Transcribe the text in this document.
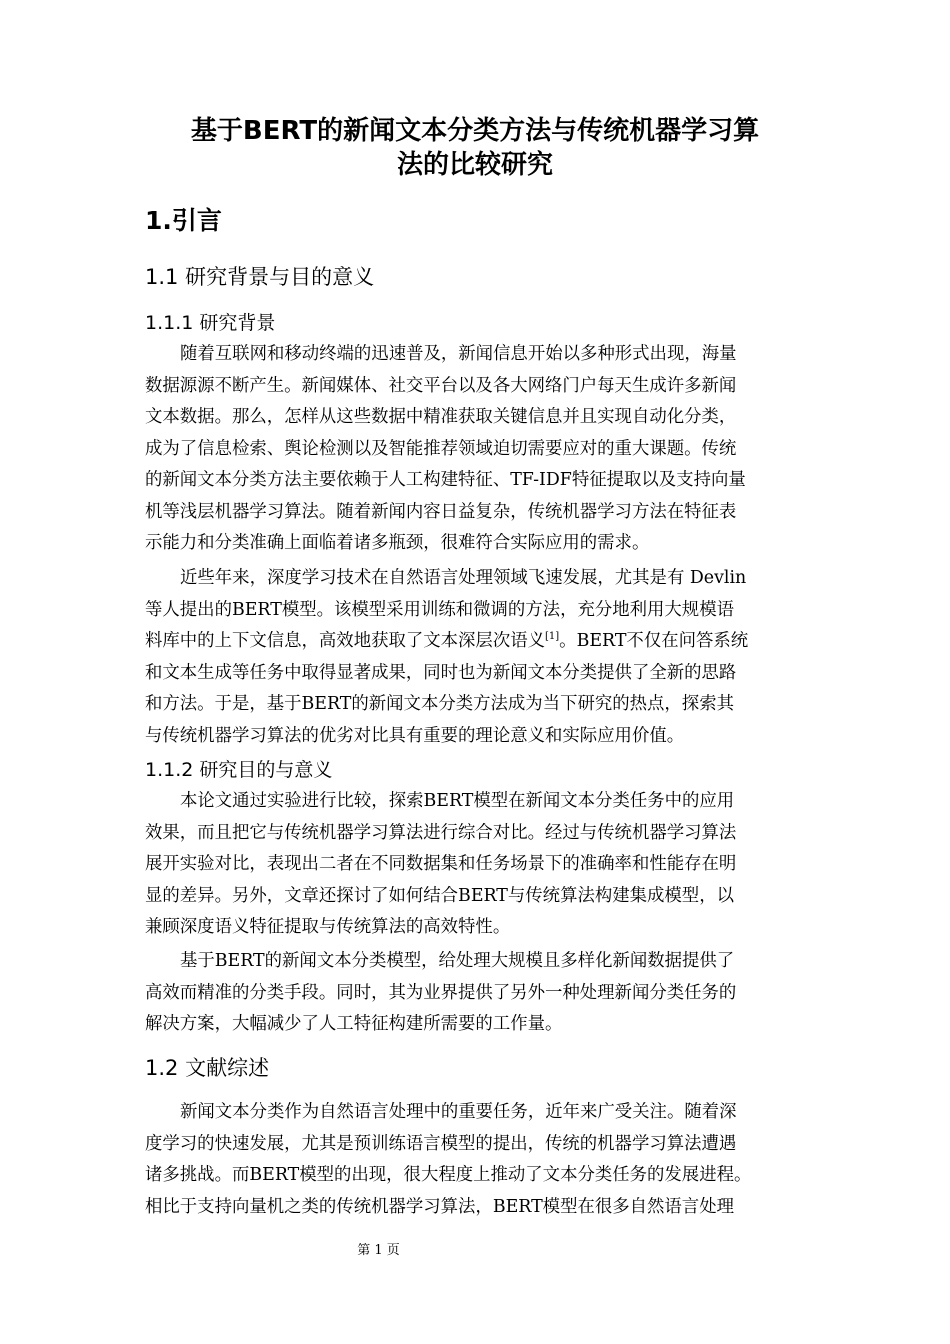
基于BERT的新闻文本分类方法与传统机器学习算
法的比较研究
1.引言
1.1 研究背景与目的意义
1.1.1 研究背景
随着互联网和移动终端的迅速普及，新闻信息开始以多种形式出现，海量
数据源源不断产生。新闻媒体、社交平台以及各大网络门户每天生成许多新闻
文本数据。那么，怎样从这些数据中精准获取关键信息并且实现自动化分类，
成为了信息检索、舆论检测以及智能推荐领域迫切需要应对的重大课题。传统
的新闻文本分类方法主要依赖于人工构建特征、TF-IDF特征提取以及支持向量
机等浅层机器学习算法。随着新闻内容日益复杂，传统机器学习方法在特征表
示能力和分类准确上面临着诸多瓶颈，很难符合实际应用的需求。
近些年来，深度学习技术在自然语言处理领域飞速发展，尤其是有 Devlin
等人提出的BERT模型。该模型采用训练和微调的方法，充分地利用大规模语
料库中的上下文信息，高效地获取了文本深层次语义[1]。BERT不仅在问答系统
和文本生成等任务中取得显著成果，同时也为新闻文本分类提供了全新的思路
和方法。于是，基于BERT的新闻文本分类方法成为当下研究的热点，探索其
与传统机器学习算法的优劣对比具有重要的理论意义和实际应用价值。
1.1.2 研究目的与意义
本论文通过实验进行比较，探索BERT模型在新闻文本分类任务中的应用
效果，而且把它与传统机器学习算法进行综合对比。经过与传统机器学习算法
展开实验对比，表现出二者在不同数据集和任务场景下的准确率和性能存在明
显的差异。另外，文章还探讨了如何结合BERT与传统算法构建集成模型，以
兼顾深度语义特征提取与传统算法的高效特性。
基于BERT的新闻文本分类模型，给处理大规模且多样化新闻数据提供了
高效而精准的分类手段。同时，其为业界提供了另外一种处理新闻分类任务的
解决方案，大幅减少了人工特征构建所需要的工作量。
1.2 文献综述
新闻文本分类作为自然语言处理中的重要任务，近年来广受关注。随着深
度学习的快速发展，尤其是预训练语言模型的提出，传统的机器学习算法遭遇
诸多挑战。而BERT模型的出现，很大程度上推动了文本分类任务的发展进程。
相比于支持向量机之类的传统机器学习算法，BERT模型在很多自然语言处理
第 1 页
